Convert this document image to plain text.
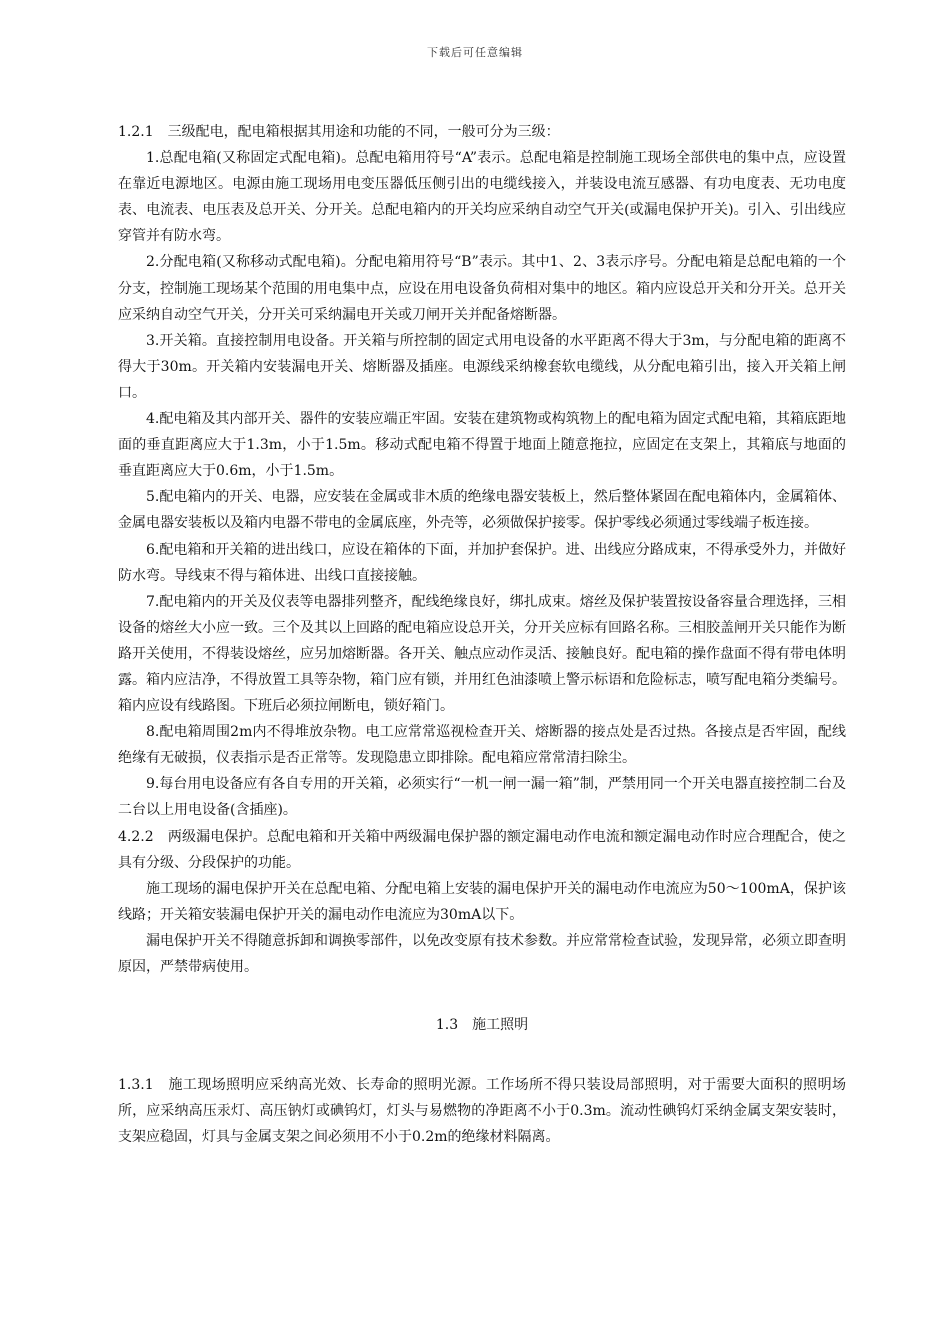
下载后可任意编辑

1.2.1　三级配电，配电箱根据其用途和功能的不同，一般可分为三级：

1.总配电箱(又称固定式配电箱)。总配电箱用符号“A”表示。总配电箱是控制施工现场全部供电的集中点，应设置在靠近电源地区。电源由施工现场用电变压器低压侧引出的电缆线接入，并装设电流互感器、有功电度表、无功电度表、电流表、电压表及总开关、分开关。总配电箱内的开关均应采纳自动空气开关(或漏电保护开关)。引入、引出线应穿管并有防水弯。

2.分配电箱(又称移动式配电箱)。分配电箱用符号“B”表示。其中1、2、3表示序号。分配电箱是总配电箱的一个分支，控制施工现场某个范围的用电集中点，应设在用电设备负荷相对集中的地区。箱内应设总开关和分开关。总开关应采纳自动空气开关，分开关可采纳漏电开关或刀闸开关并配备熔断器。

3.开关箱。直接控制用电设备。开关箱与所控制的固定式用电设备的水平距离不得大于3m，与分配电箱的距离不得大于30m。开关箱内安装漏电开关、熔断器及插座。电源线采纳橡套软电缆线，从分配电箱引出，接入开关箱上闸口。

4.配电箱及其内部开关、器件的安装应端正牢固。安装在建筑物或构筑物上的配电箱为固定式配电箱，其箱底距地面的垂直距离应大于1.3m，小于1.5m。移动式配电箱不得置于地面上随意拖拉，应固定在支架上，其箱底与地面的垂直距离应大于0.6m，小于1.5m。

5.配电箱内的开关、电器，应安装在金属或非木质的绝缘电器安装板上，然后整体紧固在配电箱体内，金属箱体、金属电器安装板以及箱内电器不带电的金属底座，外壳等，必须做保护接零。保护零线必须通过零线端子板连接。

6.配电箱和开关箱的进出线口，应设在箱体的下面，并加护套保护。进、出线应分路成束，不得承受外力，并做好防水弯。导线束不得与箱体进、出线口直接接触。

7.配电箱内的开关及仪表等电器排列整齐，配线绝缘良好，绑扎成束。熔丝及保护装置按设备容量合理选择，三相设备的熔丝大小应一致。三个及其以上回路的配电箱应设总开关，分开关应标有回路名称。三相胶盖闸开关只能作为断路开关使用，不得装设熔丝，应另加熔断器。各开关、触点应动作灵活、接触良好。配电箱的操作盘面不得有带电体明露。箱内应洁净，不得放置工具等杂物，箱门应有锁，并用红色油漆喷上警示标语和危险标志，喷写配电箱分类编号。箱内应设有线路图。下班后必须拉闸断电，锁好箱门。

8.配电箱周围2m内不得堆放杂物。电工应常常巡视检查开关、熔断器的接点处是否过热。各接点是否牢固，配线绝缘有无破损，仪表指示是否正常等。发现隐患立即排除。配电箱应常常清扫除尘。

9.每台用电设备应有各自专用的开关箱，必须实行“一机一闸一漏一箱”制，严禁用同一个开关电器直接控制二台及二台以上用电设备(含插座)。

4.2.2　两级漏电保护。总配电箱和开关箱中两级漏电保护器的额定漏电动作电流和额定漏电动作时应合理配合，使之具有分级、分段保护的功能。

施工现场的漏电保护开关在总配电箱、分配电箱上安装的漏电保护开关的漏电动作电流应为50～100mA，保护该线路；开关箱安装漏电保护开关的漏电动作电流应为30mA以下。

漏电保护开关不得随意拆卸和调换零部件，以免改变原有技术参数。并应常常检查试验，发现异常，必须立即查明原因，严禁带病使用。

1.3　施工照明

1.3.1　施工现场照明应采纳高光效、长寿命的照明光源。工作场所不得只装设局部照明，对于需要大面积的照明场所，应采纳高压汞灯、高压钠灯或碘钨灯，灯头与易燃物的净距离不小于0.3m。流动性碘钨灯采纳金属支架安装时，支架应稳固，灯具与金属支架之间必须用不小于0.2m的绝缘材料隔离。
